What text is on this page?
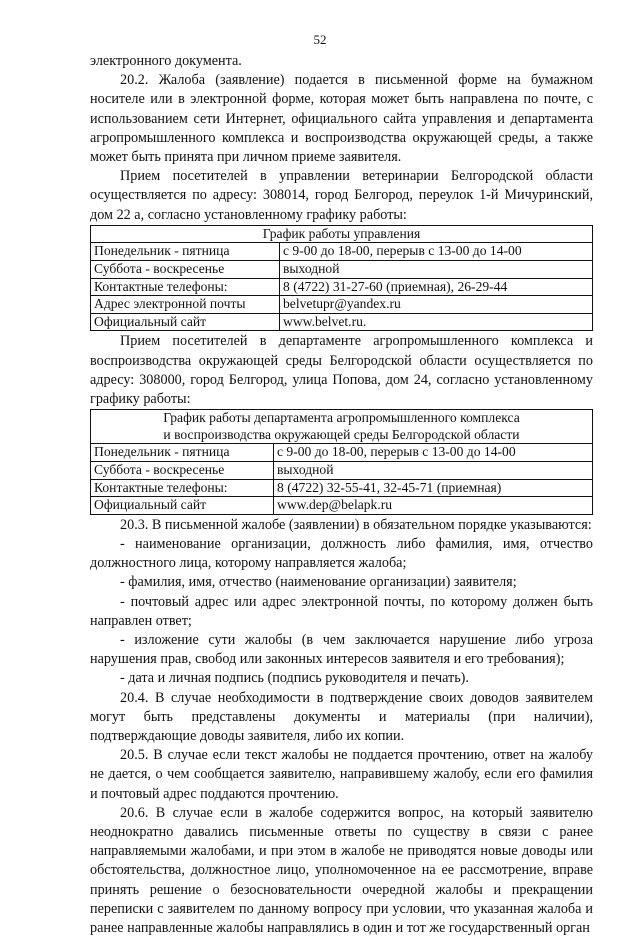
52

электронного документа.

20.2. Жалоба (заявление) подается в письменной форме на бумажном носителе или в электронной форме, которая может быть направлена по почте, с использованием сети Интернет, официального сайта управления и департамента агропромышленного комплекса и воспроизводства окружающей среды, а также может быть принята при личном приеме заявителя.

Прием посетителей в управлении ветеринарии Белгородской области осуществляется по адресу: 308014, город Белгород, переулок 1-й Мичуринский, дом 22 а, согласно установленному графику работы:

График работы управления	
Понедельник - пятница	с 9-00 до 18-00, перерыв с 13-00 до 14-00
Суббота - воскресенье	выходной
Контактные телефоны:	8 (4722) 31-27-60 (приемная), 26-29-44
Адрес электронной почты	belvetupr@yandex.ru
Официальный сайт	www.belvet.ru.

Прием посетителей в департаменте агропромышленного комплекса и воспроизводства окружающей среды Белгородской области осуществляется по адресу: 308000, город Белгород, улица Попова, дом 24, согласно установленному графику работы:

График работы департамента агропромышленного комплекса
и воспроизводства окружающей среды Белгородской области	

Понедельник - пятница	с 9-00 до 18-00, перерыв с 13-00 до 14-00
Суббота - воскресенье	выходной
Контактные телефоны:	8 (4722) 32-55-41, 32-45-71 (приемная)
Официальный сайт	www.dep@belapk.ru

20.3. В письменной жалобе (заявлении) в обязательном порядке указываются:

- наименование организации, должность либо фамилия, имя, отчество должностного лица, которому направляется жалоба;

- фамилия, имя, отчество (наименование организации) заявителя;

- почтовый адрес или адрес электронной почты, по которому должен быть направлен ответ;

- изложение сути жалобы (в чем заключается нарушение либо угроза нарушения прав, свобод или законных интересов заявителя и его требования);

- дата и личная подпись (подпись руководителя и печать).

20.4. В случае необходимости в подтверждение своих доводов заявителем могут быть представлены документы и материалы (при наличии), подтверждающие доводы заявителя, либо их копии.

20.5. В случае если текст жалобы не поддается прочтению, ответ на жалобу не дается, о чем сообщается заявителю, направившему жалобу, если его фамилия и почтовый адрес поддаются прочтению.

20.6. В случае если в жалобе содержится вопрос, на который заявителю неоднократно давались письменные ответы по существу в связи с ранее направляемыми жалобами, и при этом в жалобе не приводятся новые доводы или обстоятельства, должностное лицо, уполномоченное на ее рассмотрение, вправе принять решение о безосновательности очередной жалобы и прекращении переписки с заявителем по данному вопросу при условии, что указанная жалоба и ранее направленные жалобы направлялись в один и тот же государственный орган
